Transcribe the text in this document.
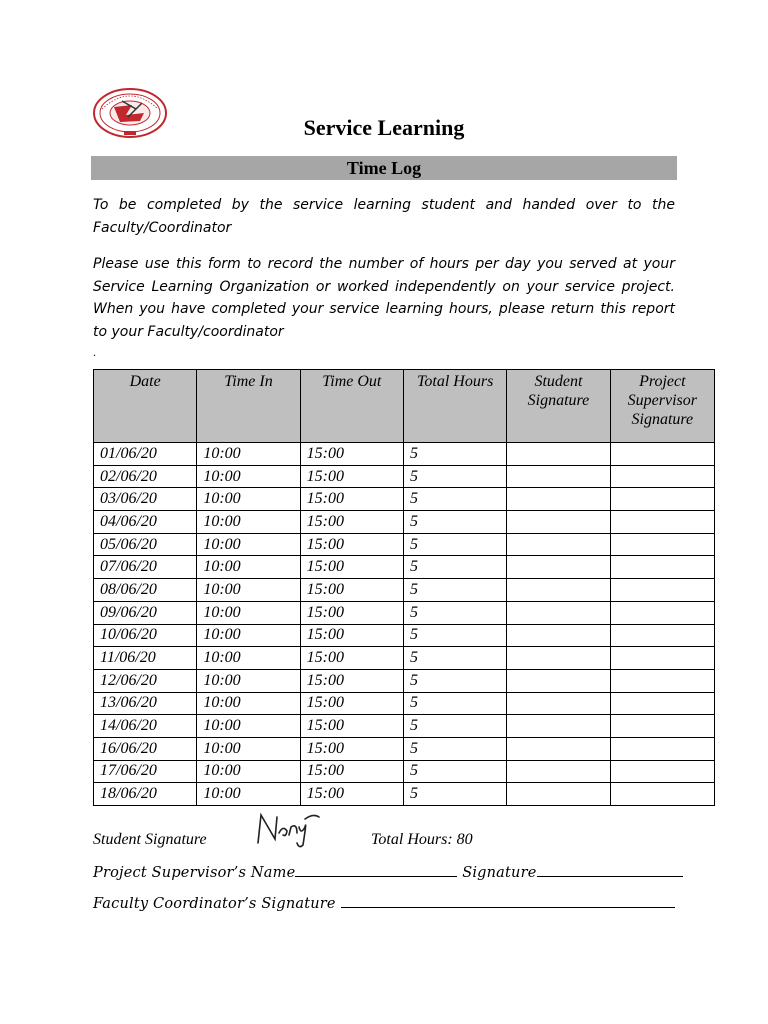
Service Learning
Time Log
To be completed by the service learning student and handed over to the Faculty/Coordinator
Please use this form to record the number of hours per day you served at your Service Learning Organization or worked independently on your service project. When you have completed your service learning hours, please return this report to your Faculty/coordinator
.
Date	Time In	Time Out	Total Hours	Student Signature	Project Supervisor Signature
01/06/20	10:00	15:00	5		
02/06/20	10:00	15:00	5		
03/06/20	10:00	15:00	5		
04/06/20	10:00	15:00	5		
05/06/20	10:00	15:00	5		
07/06/20	10:00	15:00	5		
08/06/20	10:00	15:00	5		
09/06/20	10:00	15:00	5		
10/06/20	10:00	15:00	5		
11/06/20	10:00	15:00	5		
12/06/20	10:00	15:00	5		
13/06/20	10:00	15:00	5		
14/06/20	10:00	15:00	5		
16/06/20	10:00	15:00	5		
17/06/20	10:00	15:00	5		
18/06/20	10:00	15:00	5		
Student Signature	Total Hours: 80
Project Supervisor’s Name	Signature
Faculty Coordinator’s Signature
